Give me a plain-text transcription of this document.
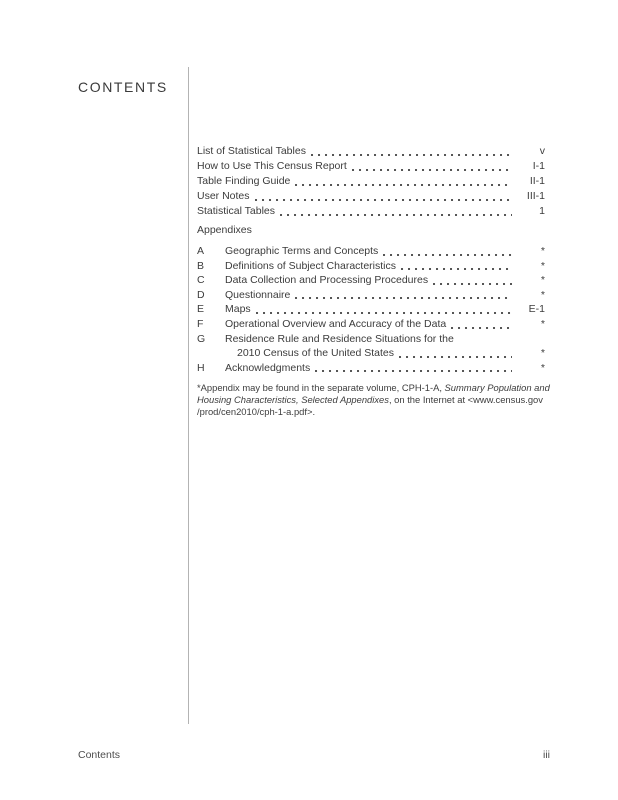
CONTENTS
List of Statistical Tables	v
How to Use This Census Report	I-1
Table Finding Guide	II-1
User Notes	III-1
Statistical Tables	1
Appendixes
A	Geographic Terms and Concepts	*
B	Definitions of Subject Characteristics	*
C	Data Collection and Processing Procedures	*
D	Questionnaire	*
E	Maps	E-1
F	Operational Overview and Accuracy of the Data	*
G	Residence Rule and Residence Situations for the
2010 Census of the United States	*
H	Acknowledgments	*

*Appendix may be found in the separate volume, CPH-1-A, Summary Population and Housing Characteristics, Selected Appendixes, on the Internet at <www.census.gov/prod/cen2010/cph-1-a.pdf>.

Contents	iii
